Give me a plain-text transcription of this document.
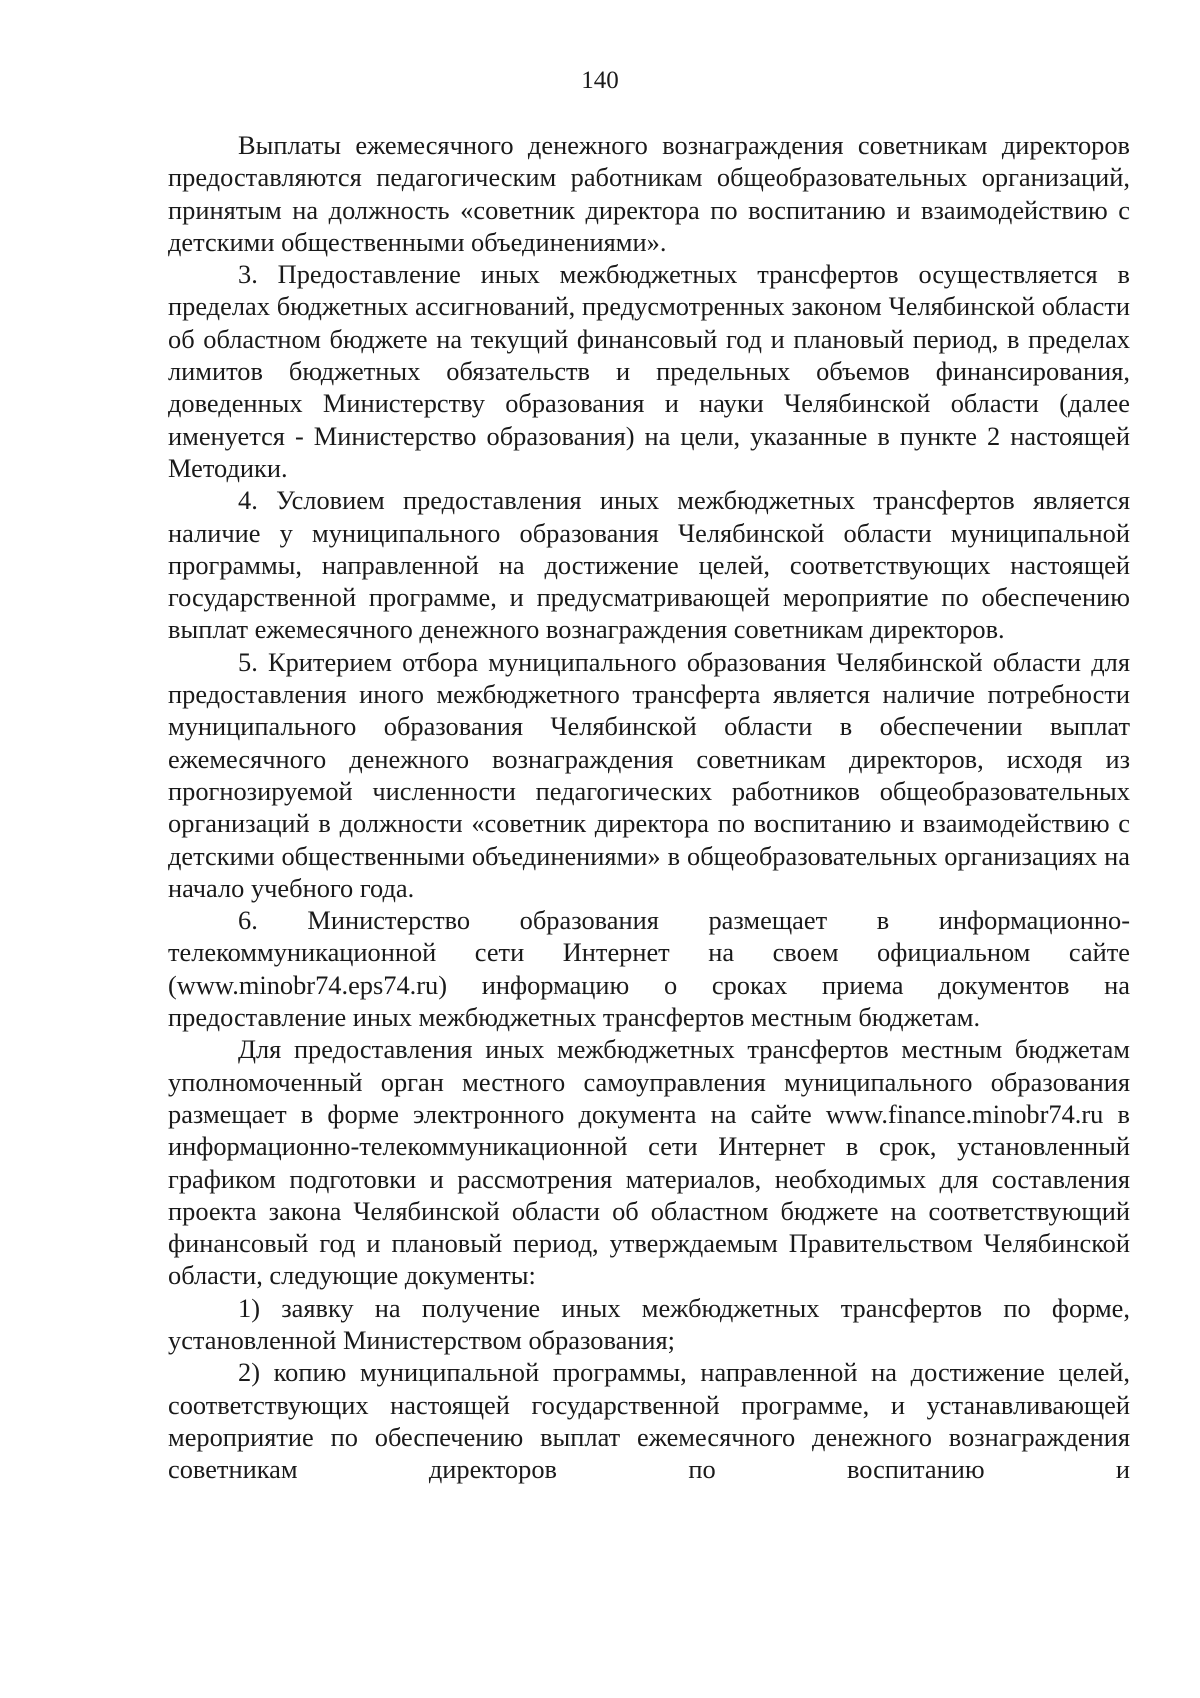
140

Выплаты ежемесячного денежного вознаграждения советникам директоров предоставляются педагогическим работникам общеобразовательных организаций, принятым на должность «советник директора по воспитанию и взаимодействию с детскими общественными объединениями».

3. Предоставление иных межбюджетных трансфертов осуществляется в пределах бюджетных ассигнований, предусмотренных законом Челябинской области об областном бюджете на текущий финансовый год и плановый период, в пределах лимитов бюджетных обязательств и предельных объемов финансирования, доведенных Министерству образования и науки Челябинской области (далее именуется - Министерство образования) на цели, указанные в пункте 2 настоящей Методики.

4. Условием предоставления иных межбюджетных трансфертов является наличие у муниципального образования Челябинской области муниципальной программы, направленной на достижение целей, соответствующих настоящей государственной программе, и предусматривающей мероприятие по обеспечению выплат ежемесячного денежного вознаграждения советникам директоров.

5. Критерием отбора муниципального образования Челябинской области для предоставления иного межбюджетного трансферта является наличие потребности муниципального образования Челябинской области в обеспечении выплат ежемесячного денежного вознаграждения советникам директоров, исходя из прогнозируемой численности педагогических работников общеобразовательных организаций в должности «советник директора по воспитанию и взаимодействию с детскими общественными объединениями» в общеобразовательных организациях на начало учебного года.

6. Министерство образования размещает в информационно-телекоммуникационной сети Интернет на своем официальном сайте (www.minobr74.eps74.ru) информацию о сроках приема документов на предоставление иных межбюджетных трансфертов местным бюджетам.

Для предоставления иных межбюджетных трансфертов местным бюджетам уполномоченный орган местного самоуправления муниципального образования размещает в форме электронного документа на сайте www.finance.minobr74.ru в информационно-телекоммуникационной сети Интернет в срок, установленный графиком подготовки и рассмотрения материалов, необходимых для составления проекта закона Челябинской области об областном бюджете на соответствующий финансовый год и плановый период, утверждаемым Правительством Челябинской области, следующие документы:

1) заявку на получение иных межбюджетных трансфертов по форме, установленной Министерством образования;

2) копию муниципальной программы, направленной на достижение целей, соответствующих настоящей государственной программе, и устанавливающей мероприятие по обеспечению выплат ежемесячного денежного вознаграждения советникам директоров по воспитанию и
